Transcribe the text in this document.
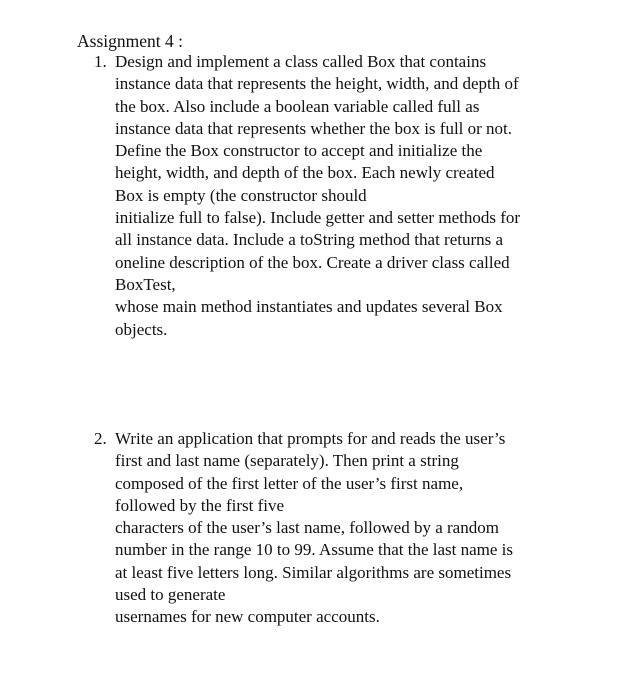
Assignment 4 :
1. Design and implement a class called Box that contains
instance data that represents the height, width, and depth of
the box. Also include a boolean variable called full as
instance data that represents whether the box is full or not.
Define the Box constructor to accept and initialize the
height, width, and depth of the box. Each newly created
Box is empty (the constructor should
initialize full to false). Include getter and setter methods for
all instance data. Include a toString method that returns a
oneline description of the box. Create a driver class called
BoxTest,
whose main method instantiates and updates several Box
objects.
2. Write an application that prompts for and reads the user’s
first and last name (separately). Then print a string
composed of the first letter of the user’s first name,
followed by the first five
characters of the user’s last name, followed by a random
number in the range 10 to 99. Assume that the last name is
at least five letters long. Similar algorithms are sometimes
used to generate
usernames for new computer accounts.
